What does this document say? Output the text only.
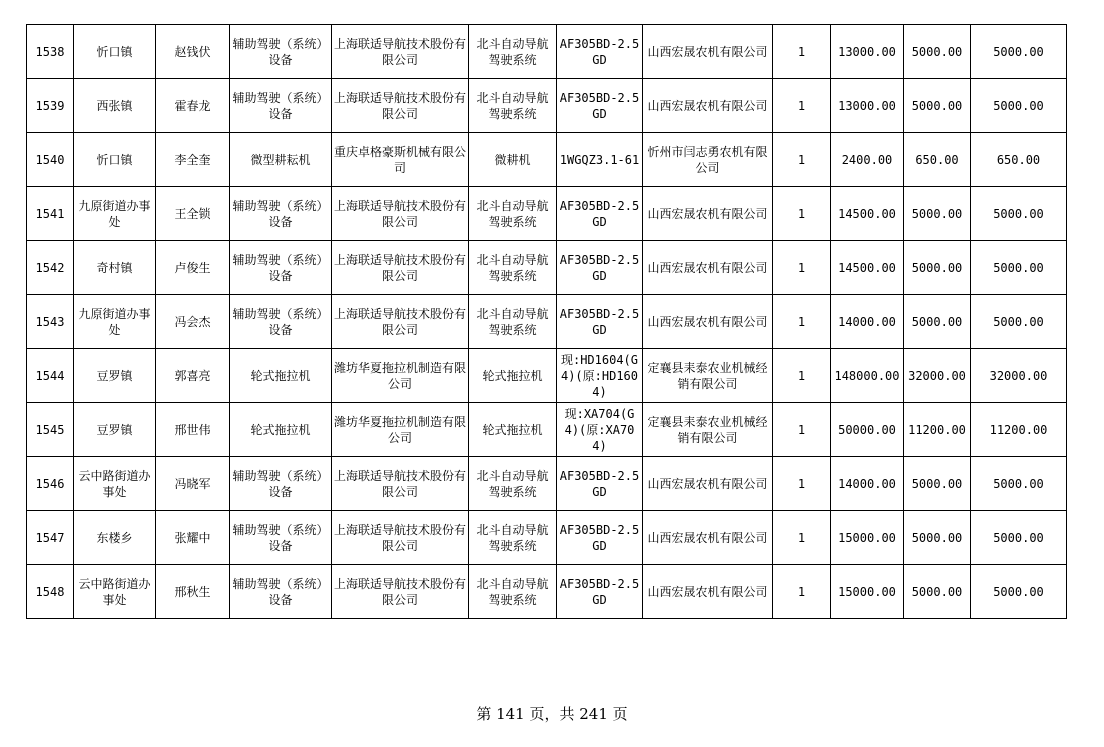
1538	忻口镇	赵钱伏	辅助驾驶（系统）设备	上海联适导航技术股份有限公司	北斗自动导航驾驶系统	AF305BD-2.5GD	山西宏晟农机有限公司	1	13000.00	5000.00	5000.00
1539	西张镇	霍春龙	辅助驾驶（系统）设备	上海联适导航技术股份有限公司	北斗自动导航驾驶系统	AF305BD-2.5GD	山西宏晟农机有限公司	1	13000.00	5000.00	5000.00
1540	忻口镇	李全奎	微型耕耘机	重庆卓格豪斯机械有限公司	微耕机	1WGQZ3.1-61	忻州市闫志勇农机有限公司	1	2400.00	650.00	650.00
1541	九原街道办事处	王全锁	辅助驾驶（系统）设备	上海联适导航技术股份有限公司	北斗自动导航驾驶系统	AF305BD-2.5GD	山西宏晟农机有限公司	1	14500.00	5000.00	5000.00
1542	奇村镇	卢俊生	辅助驾驶（系统）设备	上海联适导航技术股份有限公司	北斗自动导航驾驶系统	AF305BD-2.5GD	山西宏晟农机有限公司	1	14500.00	5000.00	5000.00
1543	九原街道办事处	冯会杰	辅助驾驶（系统）设备	上海联适导航技术股份有限公司	北斗自动导航驾驶系统	AF305BD-2.5GD	山西宏晟农机有限公司	1	14000.00	5000.00	5000.00
1544	豆罗镇	郭喜亮	轮式拖拉机	潍坊华夏拖拉机制造有限公司	轮式拖拉机	现:HD1604(G4)(原:HD1604)	定襄县耒泰农业机械经销有限公司	1	148000.00	32000.00	32000.00
1545	豆罗镇	邢世伟	轮式拖拉机	潍坊华夏拖拉机制造有限公司	轮式拖拉机	现:XA704(G4)(原:XA704)	定襄县耒泰农业机械经销有限公司	1	50000.00	11200.00	11200.00
1546	云中路街道办事处	冯晓军	辅助驾驶（系统）设备	上海联适导航技术股份有限公司	北斗自动导航驾驶系统	AF305BD-2.5GD	山西宏晟农机有限公司	1	14000.00	5000.00	5000.00
1547	东楼乡	张耀中	辅助驾驶（系统）设备	上海联适导航技术股份有限公司	北斗自动导航驾驶系统	AF305BD-2.5GD	山西宏晟农机有限公司	1	15000.00	5000.00	5000.00
1548	云中路街道办事处	邢秋生	辅助驾驶（系统）设备	上海联适导航技术股份有限公司	北斗自动导航驾驶系统	AF305BD-2.5GD	山西宏晟农机有限公司	1	15000.00	5000.00	5000.00
第 141 页，共 241 页
